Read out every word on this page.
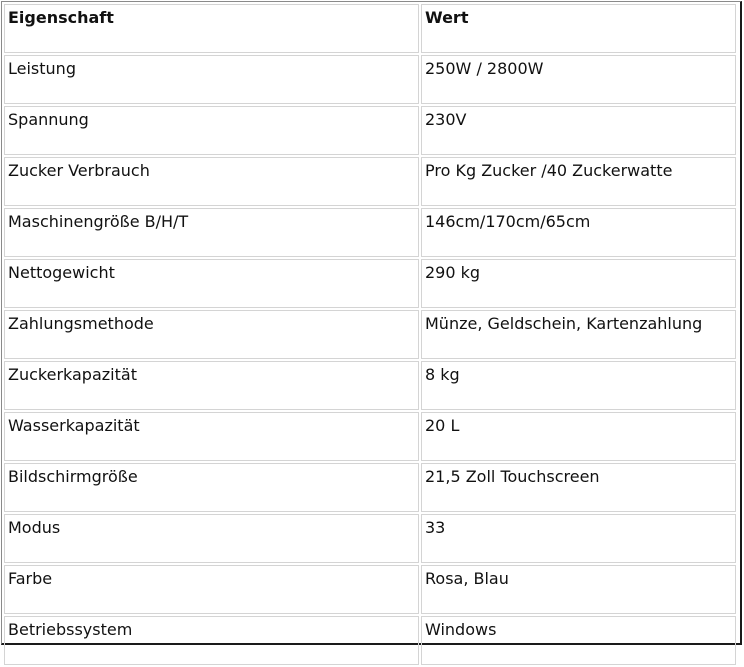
Eigenschaft	Wert
Leistung	250W / 2800W
Spannung	230V
Zucker Verbrauch	Pro Kg Zucker /40 Zuckerwatte
Maschinengröße B/H/T	146cm/170cm/65cm
Nettogewicht	290 kg
Zahlungsmethode	Münze, Geldschein, Kartenzahlung
Zuckerkapazität	8 kg
Wasserkapazität	20 L
Bildschirmgröße	21,5 Zoll Touchscreen
Modus	33
Farbe	Rosa, Blau
Betriebssystem	Windows
